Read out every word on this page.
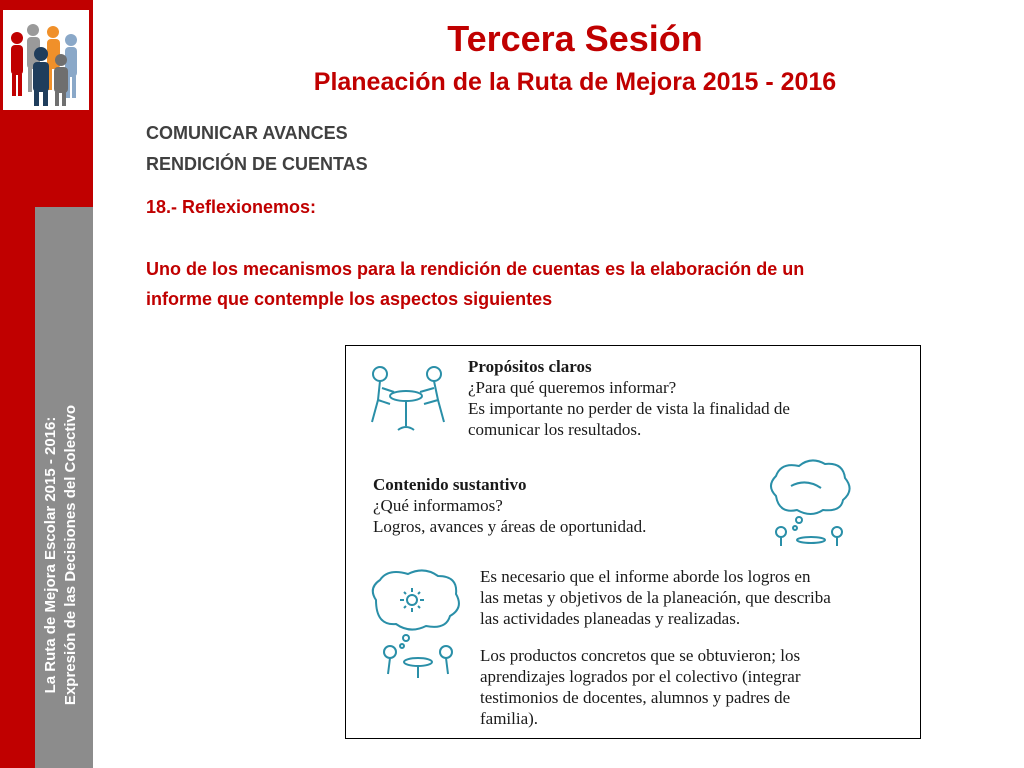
La Ruta de Mejora Escolar 2015 - 2016: Expresión de las Decisiones del Colectivo
Tercera Sesión
Planeación de la Ruta de Mejora 2015 - 2016
COMUNICAR AVANCES
RENDICIÓN DE CUENTAS
18.- Reflexionemos:
Uno de los mecanismos para la rendición de cuentas es la elaboración de un
informe que contemple los aspectos siguientes
Propósitos claros
¿Para qué queremos informar?
Es importante no perder de vista la finalidad de
comunicar los resultados.
Contenido sustantivo
¿Qué informamos?
Logros, avances y áreas de oportunidad.
Es necesario que el informe aborde los logros en
las metas y objetivos de la planeación, que describa
las actividades planeadas y realizadas.
Los productos concretos que se obtuvieron; los
aprendizajes logrados por el colectivo (integrar
testimonios de docentes, alumnos y padres de
familia).
